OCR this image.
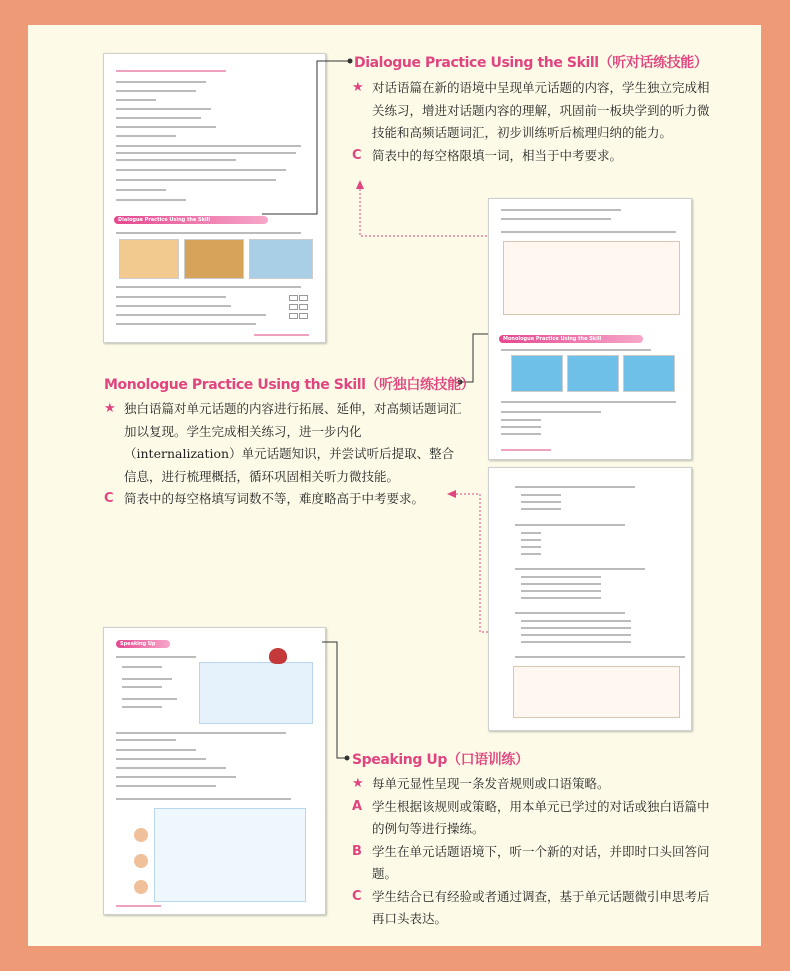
Dialogue Practice Using the Skill
Monologue Practice Using the Skill
Speaking Up
Dialogue Practice Using the Skill（听对话练技能）
★ 对话语篇在新的语境中呈现单元话题的内容，学生独立完成相关练习，增进对话题内容的理解，巩固前一板块学到的听力微技能和高频话题词汇，初步训练听后梳理归纳的能力。
C 简表中的每空格限填一词，相当于中考要求。
Monologue Practice Using the Skill（听独白练技能）
★ 独白语篇对单元话题的内容进行拓展、延伸，对高频话题词汇加以复现。学生完成相关练习，进一步内化（internalization）单元话题知识，并尝试听后提取、整合信息，进行梳理概括，循环巩固相关听力微技能。
C 简表中的每空格填写词数不等，难度略高于中考要求。
Speaking Up（口语训练）
★ 每单元显性呈现一条发音规则或口语策略。
A 学生根据该规则或策略，用本单元已学过的对话或独白语篇中的例句等进行操练。
B 学生在单元话题语境下，听一个新的对话，并即时口头回答问题。
C 学生结合已有经验或者通过调查，基于单元话题微引申思考后再口头表达。
